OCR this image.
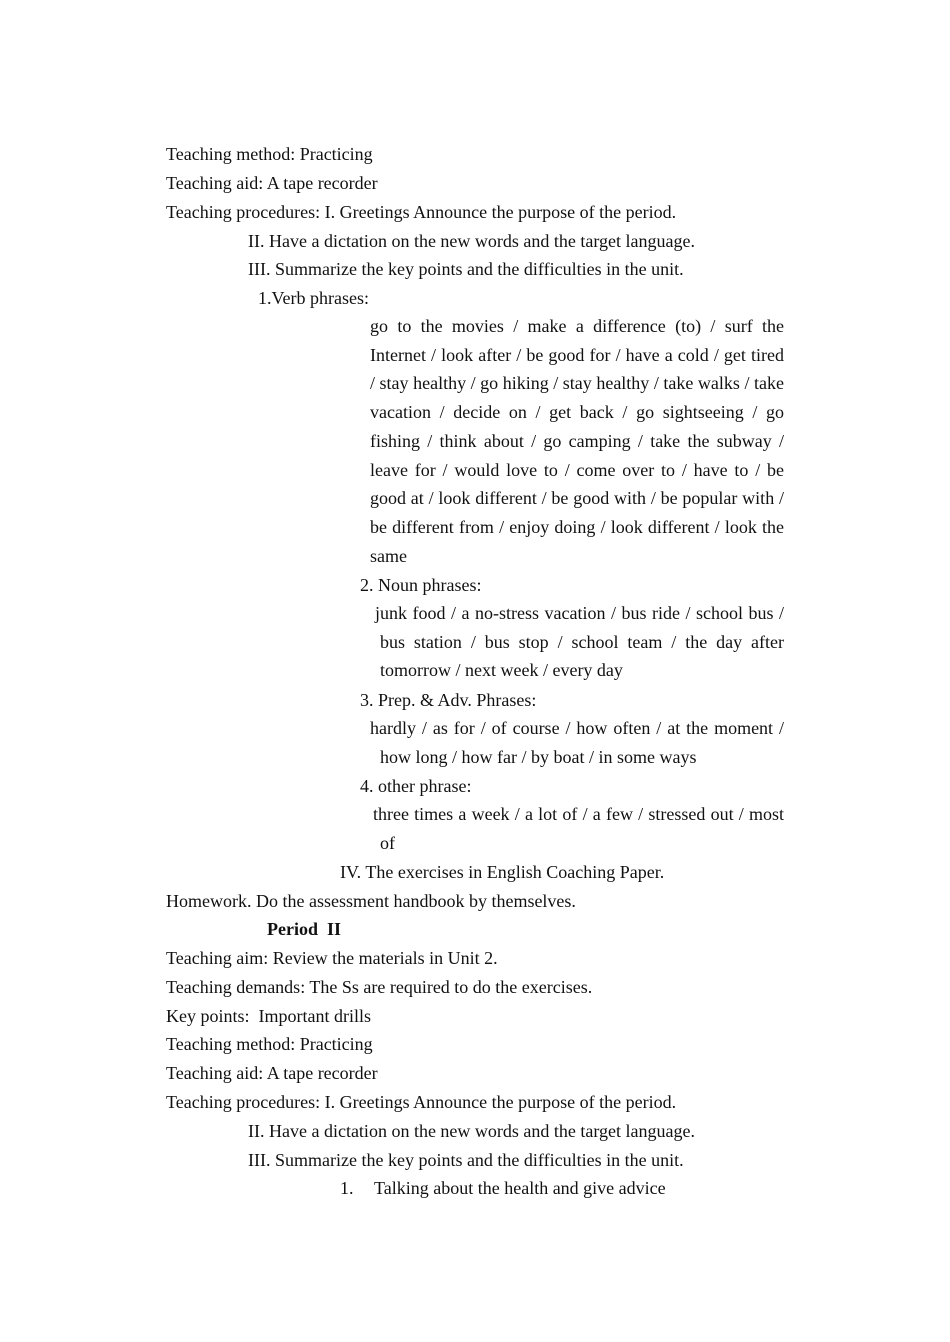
Teaching method: Practicing
Teaching aid: A tape recorder
Teaching procedures: I. Greetings Announce the purpose of the period.
II. Have a dictation on the new words and the target language.
III. Summarize the key points and the difficulties in the unit.
1.Verb phrases:
go to the movies / make a difference (to) / surf the Internet / look after / be good for / have a cold / get tired / stay healthy / go hiking / stay healthy / take walks / take vacation / decide on / get back / go sightseeing / go fishing / think about / go camping / take the subway / leave for / would love to / come over to / have to / be good at / look different / be good with / be popular with / be different from / enjoy doing / look different / look the same
2. Noun phrases:
junk food / a no-stress vacation / bus ride / school bus / bus station / bus stop / school team / the day after tomorrow / next week / every day
3. Prep. & Adv. Phrases:
hardly / as for / of course / how often / at the moment / how long / how far / by boat / in some ways
4. other phrase:
three times a week / a lot of / a few / stressed out / most of
IV. The exercises in English Coaching Paper.
Homework. Do the assessment handbook by themselves.
Period  II
Teaching aim: Review the materials in Unit 2.
Teaching demands: The Ss are required to do the exercises.
Key points:  Important drills
Teaching method: Practicing
Teaching aid: A tape recorder
Teaching procedures: I. Greetings Announce the purpose of the period.
II. Have a dictation on the new words and the target language.
III. Summarize the key points and the difficulties in the unit.
1. Talking about the health and give advice
